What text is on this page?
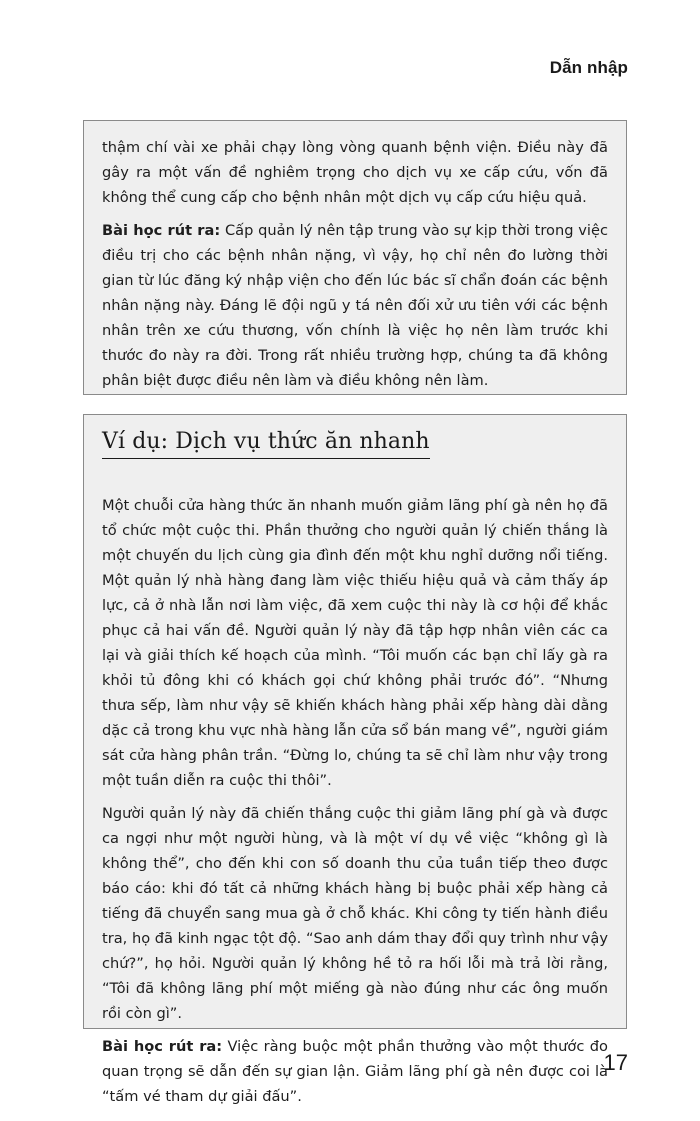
Dẫn nhập

thậm chí vài xe phải chạy lòng vòng quanh bệnh viện. Điều này đã gây ra một vấn đề nghiêm trọng cho dịch vụ xe cấp cứu, vốn đã không thể cung cấp cho bệnh nhân một dịch vụ cấp cứu hiệu quả.

Bài học rút ra: Cấp quản lý nên tập trung vào sự kịp thời trong việc điều trị cho các bệnh nhân nặng, vì vậy, họ chỉ nên đo lường thời gian từ lúc đăng ký nhập viện cho đến lúc bác sĩ chẩn đoán các bệnh nhân nặng này. Đáng lẽ đội ngũ y tá nên đối xử ưu tiên với các bệnh nhân trên xe cứu thương, vốn chính là việc họ nên làm trước khi thước đo này ra đời. Trong rất nhiều trường hợp, chúng ta đã không phân biệt được điều nên làm và điều không nên làm.

Ví dụ: Dịch vụ thức ăn nhanh

Một chuỗi cửa hàng thức ăn nhanh muốn giảm lãng phí gà nên họ đã tổ chức một cuộc thi. Phần thưởng cho người quản lý chiến thắng là một chuyến du lịch cùng gia đình đến một khu nghỉ dưỡng nổi tiếng. Một quản lý nhà hàng đang làm việc thiếu hiệu quả và cảm thấy áp lực, cả ở nhà lẫn nơi làm việc, đã xem cuộc thi này là cơ hội để khắc phục cả hai vấn đề. Người quản lý này đã tập hợp nhân viên các ca lại và giải thích kế hoạch của mình. “Tôi muốn các bạn chỉ lấy gà ra khỏi tủ đông khi có khách gọi chứ không phải trước đó”. “Nhưng thưa sếp, làm như vậy sẽ khiến khách hàng phải xếp hàng dài dằng dặc cả trong khu vực nhà hàng lẫn cửa sổ bán mang về”, người giám sát cửa hàng phân trần. “Đừng lo, chúng ta sẽ chỉ làm như vậy trong một tuần diễn ra cuộc thi thôi”.

Người quản lý này đã chiến thắng cuộc thi giảm lãng phí gà và được ca ngợi như một người hùng, và là một ví dụ về việc “không gì là không thể”, cho đến khi con số doanh thu của tuần tiếp theo được báo cáo: khi đó tất cả những khách hàng bị buộc phải xếp hàng cả tiếng đã chuyển sang mua gà ở chỗ khác. Khi công ty tiến hành điều tra, họ đã kinh ngạc tột độ. “Sao anh dám thay đổi quy trình như vậy chứ?”, họ hỏi. Người quản lý không hề tỏ ra hối lỗi mà trả lời rằng, “Tôi đã không lãng phí một miếng gà nào đúng như các ông muốn rồi còn gì”.

Bài học rút ra: Việc ràng buộc một phần thưởng vào một thước đo quan trọng sẽ dẫn đến sự gian lận. Giảm lãng phí gà nên được coi là “tấm vé tham dự giải đấu”.

17
